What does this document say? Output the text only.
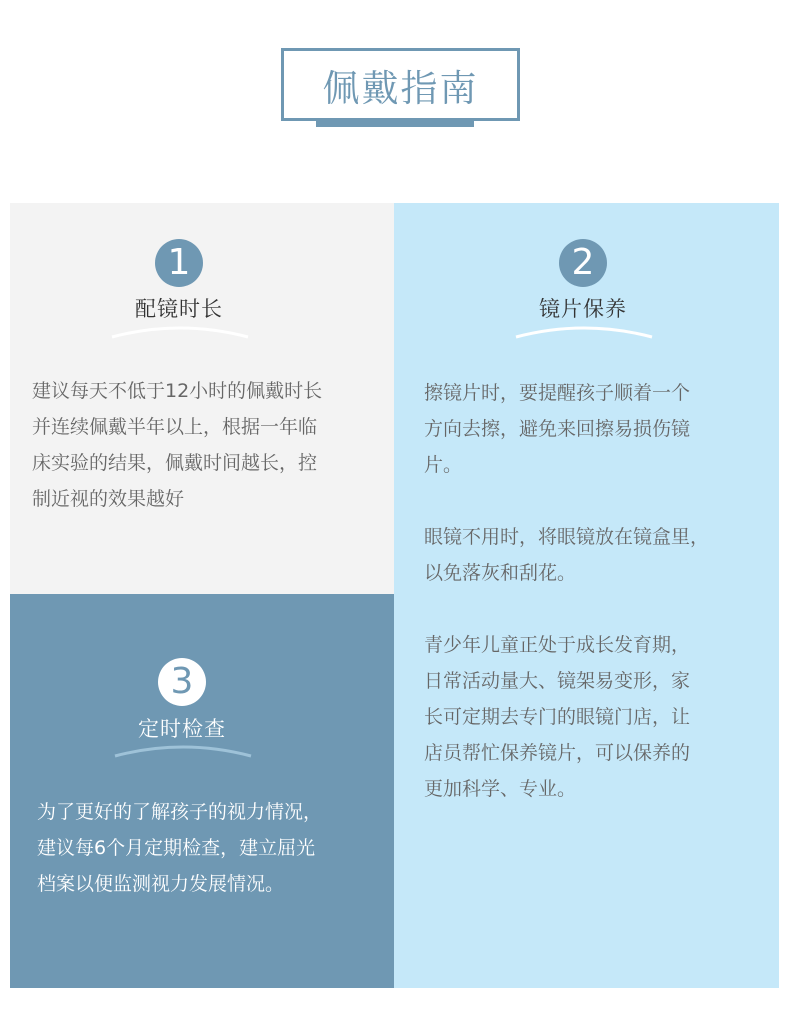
佩戴指南
1
配镜时长
建议每天不低于12小时的佩戴时长
并连续佩戴半年以上，根据一年临
床实验的结果，佩戴时间越长，控
制近视的效果越好
2
镜片保养
擦镜片时，要提醒孩子顺着一个
方向去擦，避免来回擦易损伤镜
片。
眼镜不用时，将眼镜放在镜盒里，
以免落灰和刮花。
青少年儿童正处于成长发育期，
日常活动量大、镜架易变形，家
长可定期去专门的眼镜门店，让
店员帮忙保养镜片，可以保养的
更加科学、专业。
3
定时检查
为了更好的了解孩子的视力情况，
建议每6个月定期检查，建立屈光
档案以便监测视力发展情况。
